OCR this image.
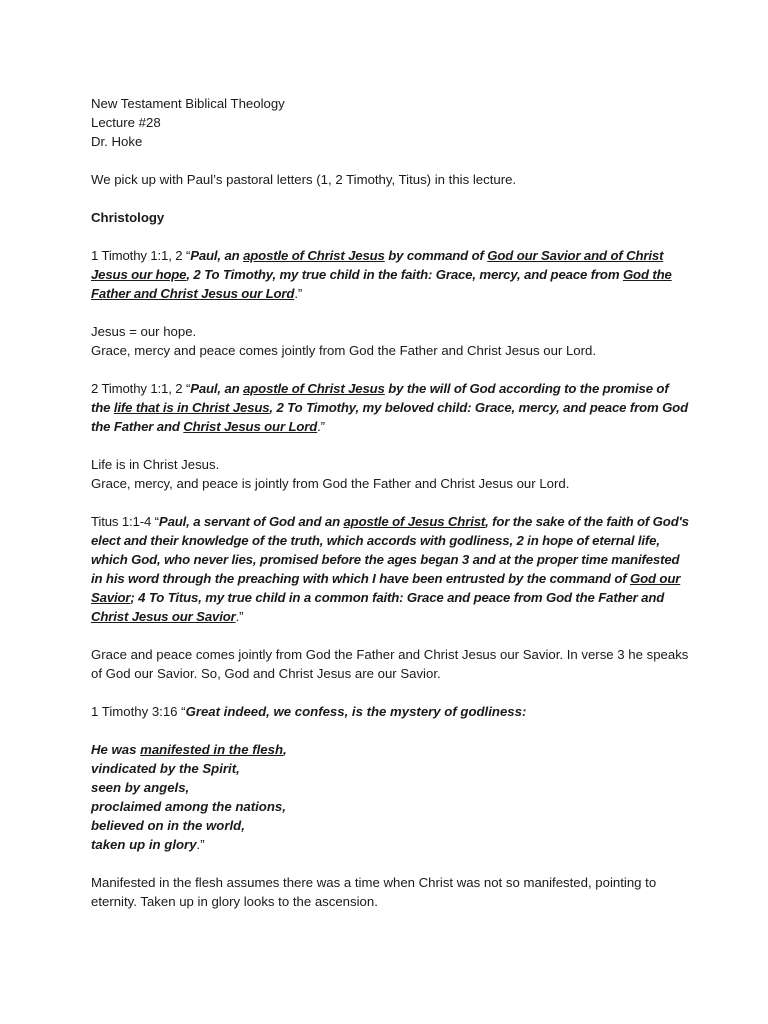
New Testament Biblical Theology
Lecture #28
Dr. Hoke

We pick up with Paul’s pastoral letters (1, 2 Timothy, Titus) in this lecture.

Christology

1 Timothy 1:1, 2 “Paul, an apostle of Christ Jesus by command of God our Savior and of Christ Jesus our hope, 2 To Timothy, my true child in the faith: Grace, mercy, and peace from God the Father and Christ Jesus our Lord.”

Jesus = our hope.
Grace, mercy and peace comes jointly from God the Father and Christ Jesus our Lord.

2 Timothy 1:1, 2 “Paul, an apostle of Christ Jesus by the will of God according to the promise of the life that is in Christ Jesus, 2 To Timothy, my beloved child: Grace, mercy, and peace from God the Father and Christ Jesus our Lord.”

Life is in Christ Jesus.
Grace, mercy, and peace is jointly from God the Father and Christ Jesus our Lord.

Titus 1:1-4 “Paul, a servant of God and an apostle of Jesus Christ, for the sake of the faith of God's elect and their knowledge of the truth, which accords with godliness, 2 in hope of eternal life, which God, who never lies, promised before the ages began 3 and at the proper time manifested in his word through the preaching with which I have been entrusted by the command of God our Savior; 4 To Titus, my true child in a common faith: Grace and peace from God the Father and Christ Jesus our Savior.”

Grace and peace comes jointly from God the Father and Christ Jesus our Savior. In verse 3 he speaks of God our Savior. So, God and Christ Jesus are our Savior.

1 Timothy 3:16 “Great indeed, we confess, is the mystery of godliness:

He was manifested in the flesh,
vindicated by the Spirit,
seen by angels,
proclaimed among the nations,
believed on in the world,
taken up in glory.”

Manifested in the flesh assumes there was a time when Christ was not so manifested, pointing to eternity. Taken up in glory looks to the ascension.
